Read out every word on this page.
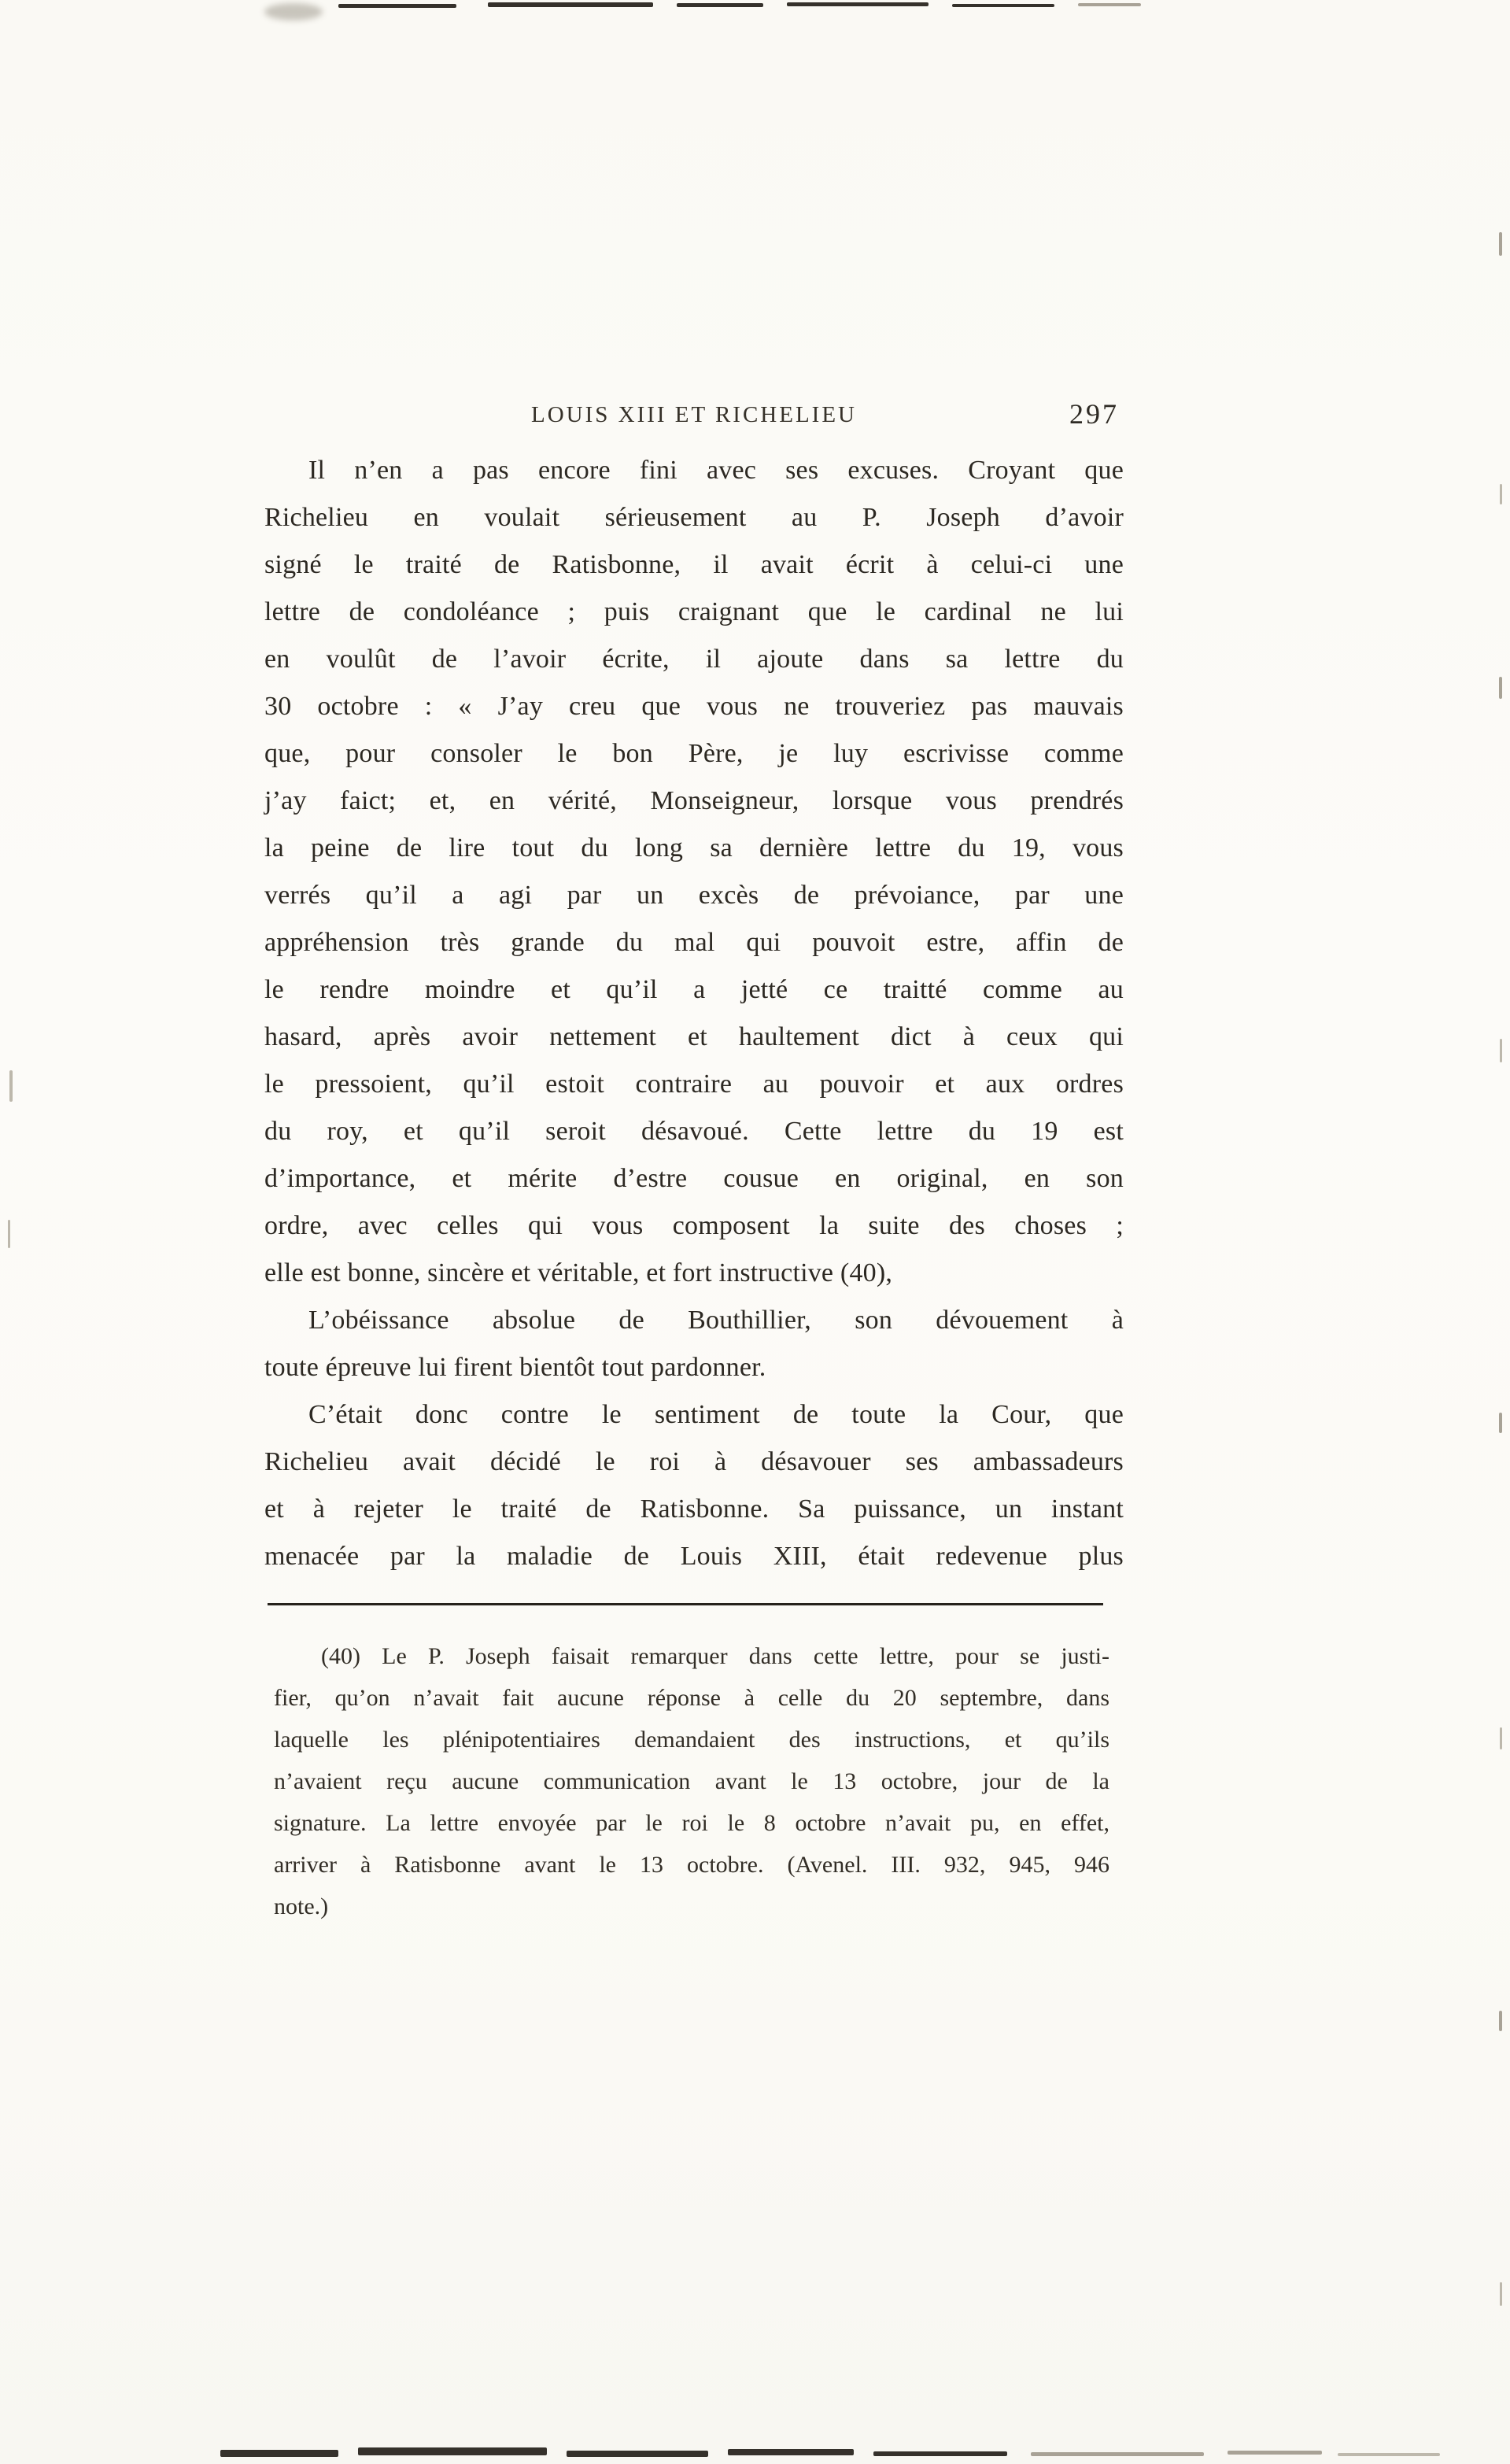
LOUIS XIII ET RICHELIEU	297
Il n’en a pas encore fini avec ses excuses. Croyant que
Richelieu en voulait sérieusement au P. Joseph d’avoir
signé le traité de Ratisbonne, il avait écrit à celui-ci une
lettre de condoléance ; puis craignant que le cardinal ne lui
en voulût de l’avoir écrite, il ajoute dans sa lettre du
30 octobre : « J’ay creu que vous ne trouveriez pas mauvais
que, pour consoler le bon Père, je luy escrivisse comme
j’ay faict; et, en vérité, Monseigneur, lorsque vous prendrés
la peine de lire tout du long sa dernière lettre du 19, vous
verrés qu’il a agi par un excès de prévoiance, par une
appréhension très grande du mal qui pouvoit estre, affin de
le rendre moindre et qu’il a jetté ce traitté comme au
hasard, après avoir nettement et haultement dict à ceux qui
le pressoient, qu’il estoit contraire au pouvoir et aux ordres
du roy, et qu’il seroit désavoué. Cette lettre du 19 est
d’importance, et mérite d’estre cousue en original, en son
ordre, avec celles qui vous composent la suite des choses ;
elle est bonne, sincère et véritable, et fort instructive (40),
L’obéissance absolue de Bouthillier, son dévouement à
toute épreuve lui firent bientôt tout pardonner.
C’était donc contre le sentiment de toute la Cour, que
Richelieu avait décidé le roi à désavouer ses ambassadeurs
et à rejeter le traité de Ratisbonne. Sa puissance, un instant
menacée par la maladie de Louis XIII, était redevenue plus
(40) Le P. Joseph faisait remarquer dans cette lettre, pour se justi-
fier, qu’on n’avait fait aucune réponse à celle du 20 septembre, dans
laquelle les plénipotentiaires demandaient des instructions, et qu’ils
n’avaient reçu aucune communication avant le 13 octobre, jour de la
signature. La lettre envoyée par le roi le 8 octobre n’avait pu, en effet,
arriver à Ratisbonne avant le 13 octobre. (Avenel. III. 932, 945, 946
note.)
